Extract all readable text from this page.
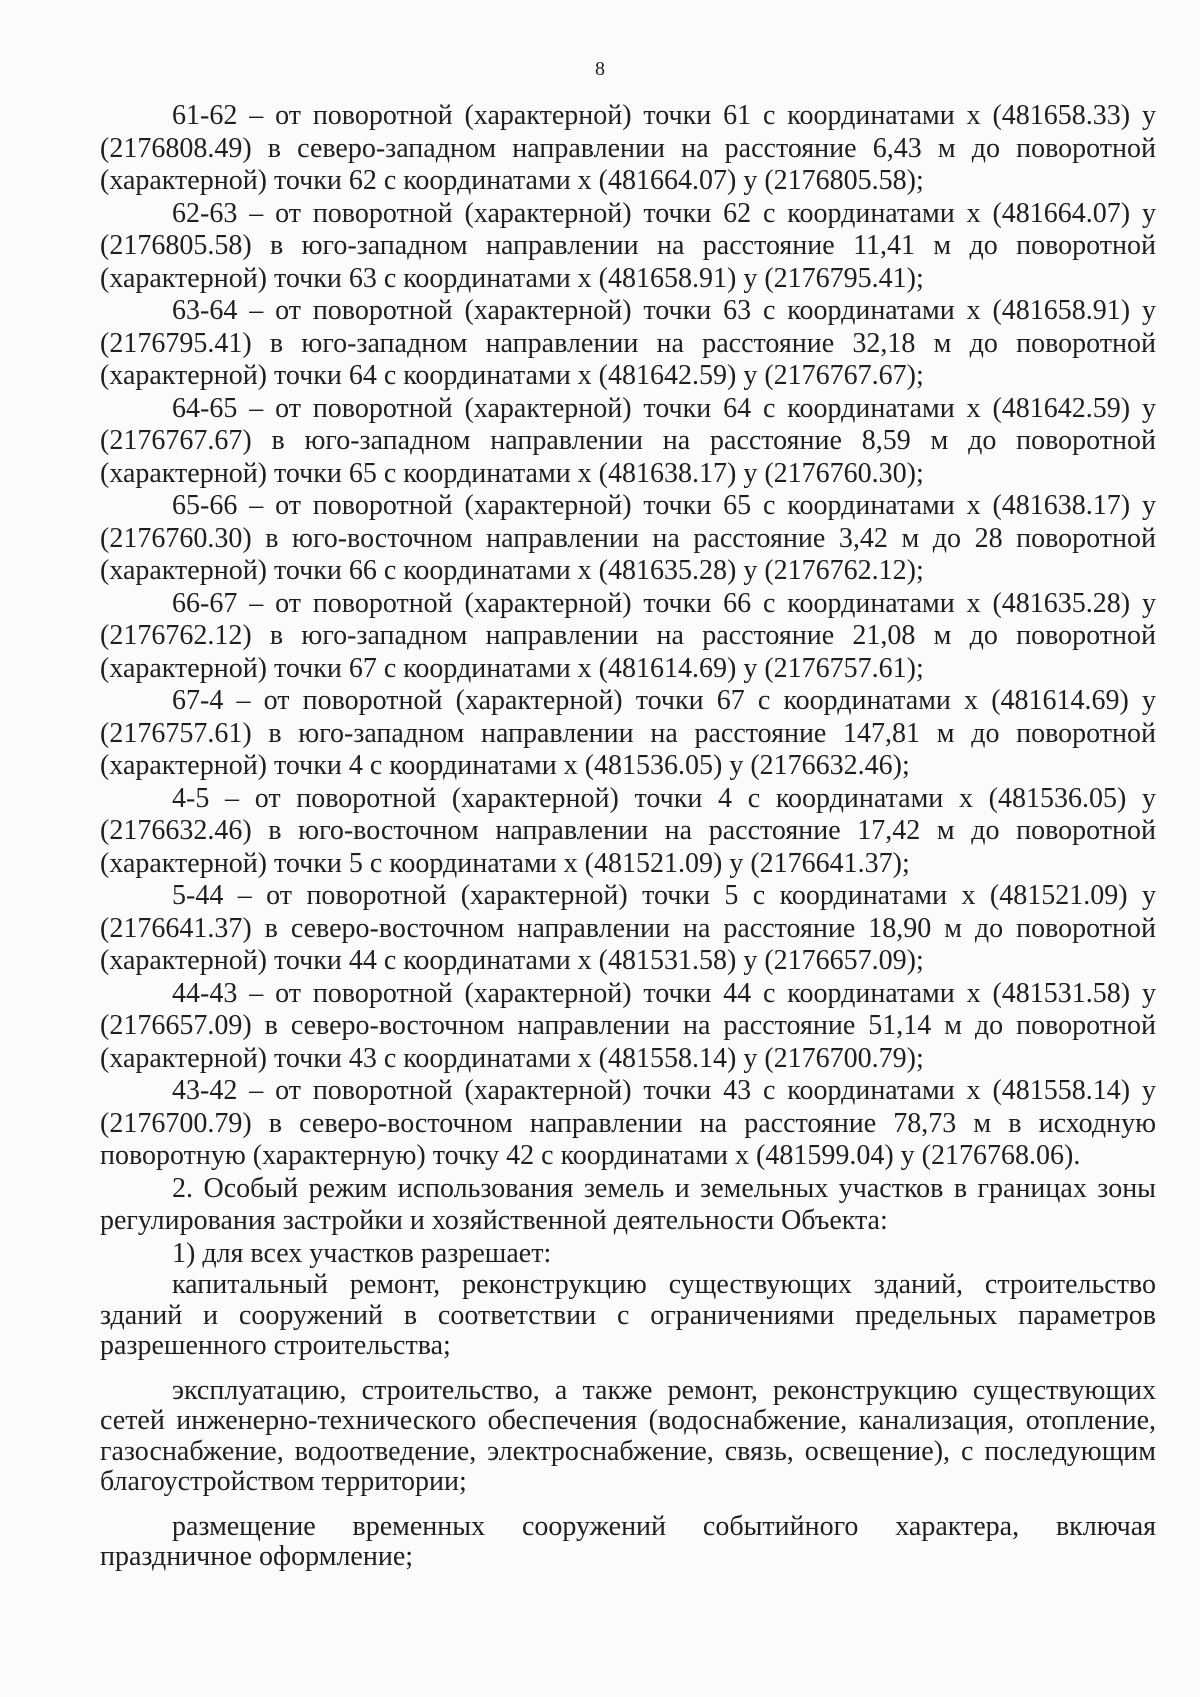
8

61-62 – от поворотной (характерной) точки 61 с координатами x (481658.33) y (2176808.49) в северо-западном направлении на расстояние 6,43 м до поворотной (характерной) точки 62 с координатами x (481664.07) y (2176805.58);

62-63 – от поворотной (характерной) точки 62 с координатами x (481664.07) y (2176805.58) в юго-западном направлении на расстояние 11,41 м до поворотной (характерной) точки 63 с координатами x (481658.91) y (2176795.41);

63-64 – от поворотной (характерной) точки 63 с координатами x (481658.91) y (2176795.41) в юго-западном направлении на расстояние 32,18 м до поворотной (характерной) точки 64 с координатами x (481642.59) y (2176767.67);

64-65 – от поворотной (характерной) точки 64 с координатами x (481642.59) y (2176767.67) в юго-западном направлении на расстояние 8,59 м до поворотной (характерной) точки 65 с координатами x (481638.17) y (2176760.30);

65-66 – от поворотной (характерной) точки 65 с координатами x (481638.17) y (2176760.30) в юго-восточном направлении на расстояние 3,42 м до 28 поворотной (характерной) точки 66 с координатами x (481635.28) y (2176762.12);

66-67 – от поворотной (характерной) точки 66 с координатами x (481635.28) y (2176762.12) в юго-западном направлении на расстояние 21,08 м до поворотной (характерной) точки 67 с координатами x (481614.69) y (2176757.61);

67-4 – от поворотной (характерной) точки 67 с координатами x (481614.69) y (2176757.61) в юго-западном направлении на расстояние 147,81 м до поворотной (характерной) точки 4 с координатами x (481536.05) y (2176632.46);

4-5 – от поворотной (характерной) точки 4 с координатами x (481536.05) y (2176632.46) в юго-восточном направлении на расстояние 17,42 м до поворотной (характерной) точки 5 с координатами x (481521.09) y (2176641.37);

5-44 – от поворотной (характерной) точки 5 с координатами x (481521.09) y (2176641.37) в северо-восточном направлении на расстояние 18,90 м до поворотной (характерной) точки 44 с координатами x (481531.58) y (2176657.09);

44-43 – от поворотной (характерной) точки 44 с координатами x (481531.58) y (2176657.09) в северо-восточном направлении на расстояние 51,14 м до поворотной (характерной) точки 43 с координатами x (481558.14) y (2176700.79);

43-42 – от поворотной (характерной) точки 43 с координатами x (481558.14) y (2176700.79) в северо-восточном направлении на расстояние 78,73 м в исходную поворотную (характерную) точку 42 с координатами x (481599.04) y (2176768.06).

2. Особый режим использования земель и земельных участков в границах зоны регулирования застройки и хозяйственной деятельности Объекта:

1) для всех участков разрешает:

капитальный ремонт, реконструкцию существующих зданий, строительство зданий и сооружений в соответствии с ограничениями предельных параметров разрешенного строительства;

эксплуатацию, строительство, а также ремонт, реконструкцию существующих сетей инженерно-технического обеспечения (водоснабжение, канализация, отопление, газоснабжение, водоотведение, электроснабжение, связь, освещение), с последующим благоустройством территории;

размещение временных сооружений событийного характера, включая праздничное оформление;
